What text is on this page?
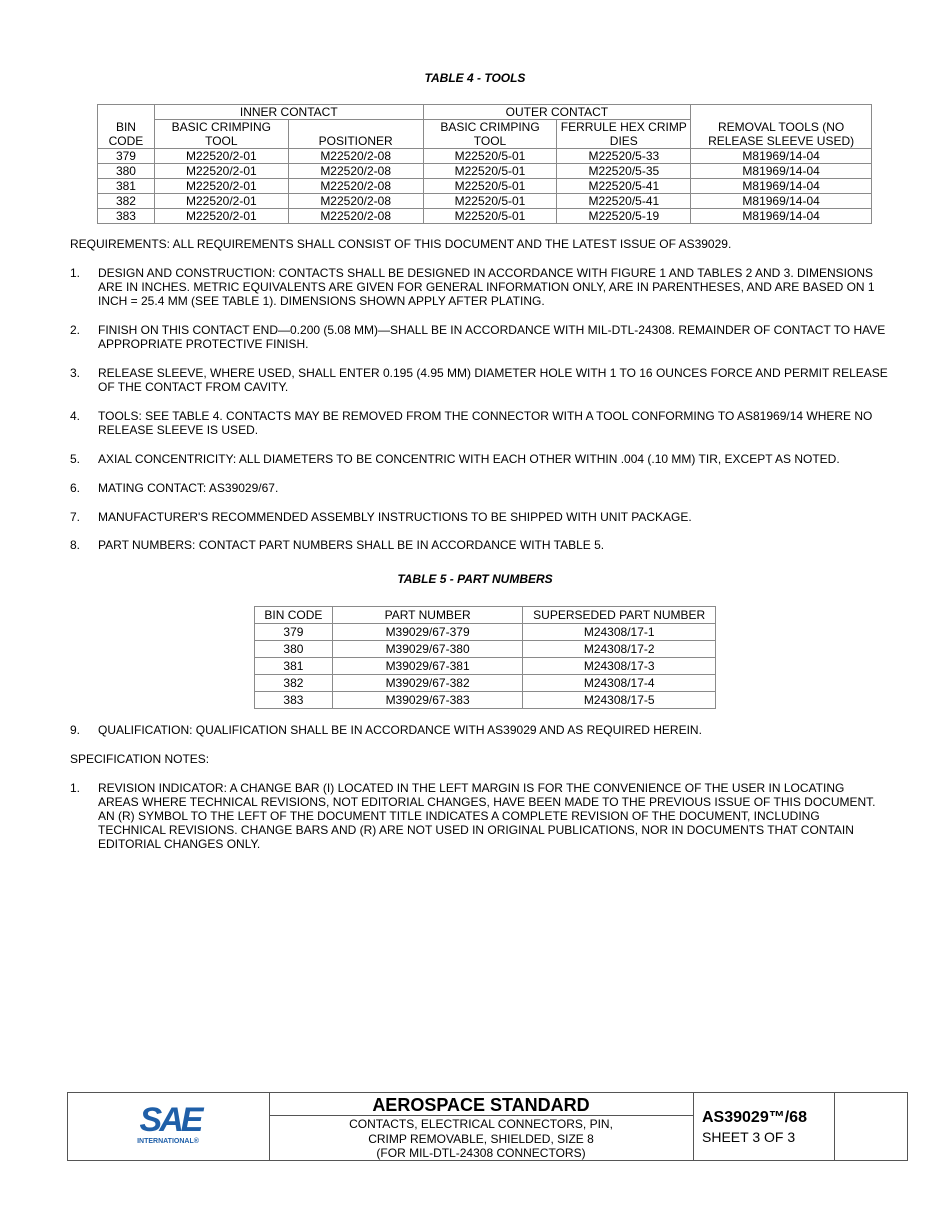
TABLE 4 - TOOLS
BIN CODE	INNER CONTACT		OUTER CONTACT		REMOVAL TOOLS (NO RELEASE SLEEVE USED)
	BASIC CRIMPING TOOL	POSITIONER	BASIC CRIMPING TOOL	FERRULE HEX CRIMP DIES	
379	M22520/2-01	M22520/2-08	M22520/5-01	M22520/5-33	M81969/14-04
380	M22520/2-01	M22520/2-08	M22520/5-01	M22520/5-35	M81969/14-04
381	M22520/2-01	M22520/2-08	M22520/5-01	M22520/5-41	M81969/14-04
382	M22520/2-01	M22520/2-08	M22520/5-01	M22520/5-41	M81969/14-04
383	M22520/2-01	M22520/2-08	M22520/5-01	M22520/5-19	M81969/14-04
REQUIREMENTS: ALL REQUIREMENTS SHALL CONSIST OF THIS DOCUMENT AND THE LATEST ISSUE OF AS39029.
1. DESIGN AND CONSTRUCTION: CONTACTS SHALL BE DESIGNED IN ACCORDANCE WITH FIGURE 1 AND TABLES 2 AND 3. DIMENSIONS ARE IN INCHES. METRIC EQUIVALENTS ARE GIVEN FOR GENERAL INFORMATION ONLY, ARE IN PARENTHESES, AND ARE BASED ON 1 INCH = 25.4 MM (SEE TABLE 1). DIMENSIONS SHOWN APPLY AFTER PLATING.
2. FINISH ON THIS CONTACT END—0.200 (5.08 MM)—SHALL BE IN ACCORDANCE WITH MIL-DTL-24308. REMAINDER OF CONTACT TO HAVE APPROPRIATE PROTECTIVE FINISH.
3. RELEASE SLEEVE, WHERE USED, SHALL ENTER 0.195 (4.95 MM) DIAMETER HOLE WITH 1 TO 16 OUNCES FORCE AND PERMIT RELEASE OF THE CONTACT FROM CAVITY.
4. TOOLS: SEE TABLE 4. CONTACTS MAY BE REMOVED FROM THE CONNECTOR WITH A TOOL CONFORMING TO AS81969/14 WHERE NO RELEASE SLEEVE IS USED.
5. AXIAL CONCENTRICITY: ALL DIAMETERS TO BE CONCENTRIC WITH EACH OTHER WITHIN .004 (.10 MM) TIR, EXCEPT AS NOTED.
6. MATING CONTACT: AS39029/67.
7. MANUFACTURER'S RECOMMENDED ASSEMBLY INSTRUCTIONS TO BE SHIPPED WITH UNIT PACKAGE.
8. PART NUMBERS: CONTACT PART NUMBERS SHALL BE IN ACCORDANCE WITH TABLE 5.
TABLE 5 - PART NUMBERS
BIN CODE	PART NUMBER	SUPERSEDED PART NUMBER
379	M39029/67-379	M24308/17-1
380	M39029/67-380	M24308/17-2
381	M39029/67-381	M24308/17-3
382	M39029/67-382	M24308/17-4
383	M39029/67-383	M24308/17-5
9. QUALIFICATION: QUALIFICATION SHALL BE IN ACCORDANCE WITH AS39029 AND AS REQUIRED HEREIN.
SPECIFICATION NOTES:
1. REVISION INDICATOR: A CHANGE BAR (I) LOCATED IN THE LEFT MARGIN IS FOR THE CONVENIENCE OF THE USER IN LOCATING AREAS WHERE TECHNICAL REVISIONS, NOT EDITORIAL CHANGES, HAVE BEEN MADE TO THE PREVIOUS ISSUE OF THIS DOCUMENT. AN (R) SYMBOL TO THE LEFT OF THE DOCUMENT TITLE INDICATES A COMPLETE REVISION OF THE DOCUMENT, INCLUDING TECHNICAL REVISIONS. CHANGE BARS AND (R) ARE NOT USED IN ORIGINAL PUBLICATIONS, NOR IN DOCUMENTS THAT CONTAIN EDITORIAL CHANGES ONLY.
SAE
INTERNATIONAL®
AEROSPACE STANDARD
CONTACTS, ELECTRICAL CONNECTORS, PIN,
CRIMP REMOVABLE, SHIELDED, SIZE 8
(FOR MIL-DTL-24308 CONNECTORS)
AS39029™/68
SHEET 3 OF 3
